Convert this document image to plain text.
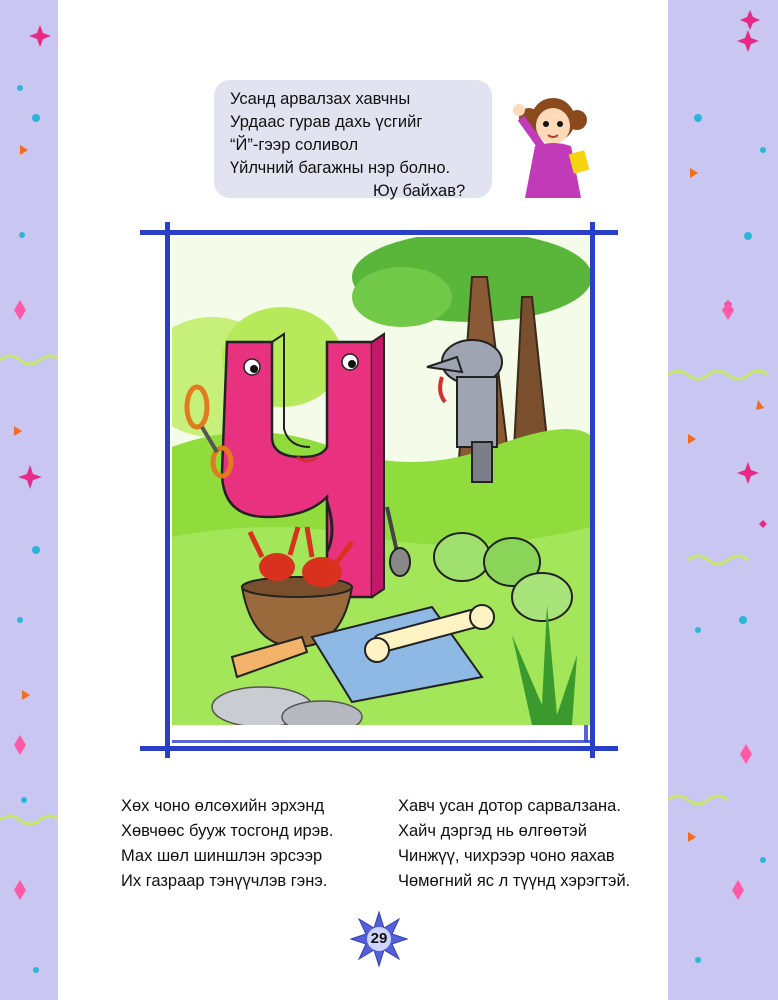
Усанд арвалзах хавчны
Урдаас гурав дахь үсгийг
“Й”-гээр соливол
Үйлчний багажны нэр болно.
Юу байхав?
Хөх чоно өлсөхийн эрхэнд
Хөвчөөс бууж тосгонд ирэв.
Мах шөл шиншлэн эрсээр
Их газраар тэнүүчлэв гэнэ.
Хавч усан дотор сарвалзана.
Хайч дэргэд нь өлгөөтэй
Чинжүү, чихрээр чоно яахав
Чөмөгний яс л түүнд хэрэгтэй.
29
